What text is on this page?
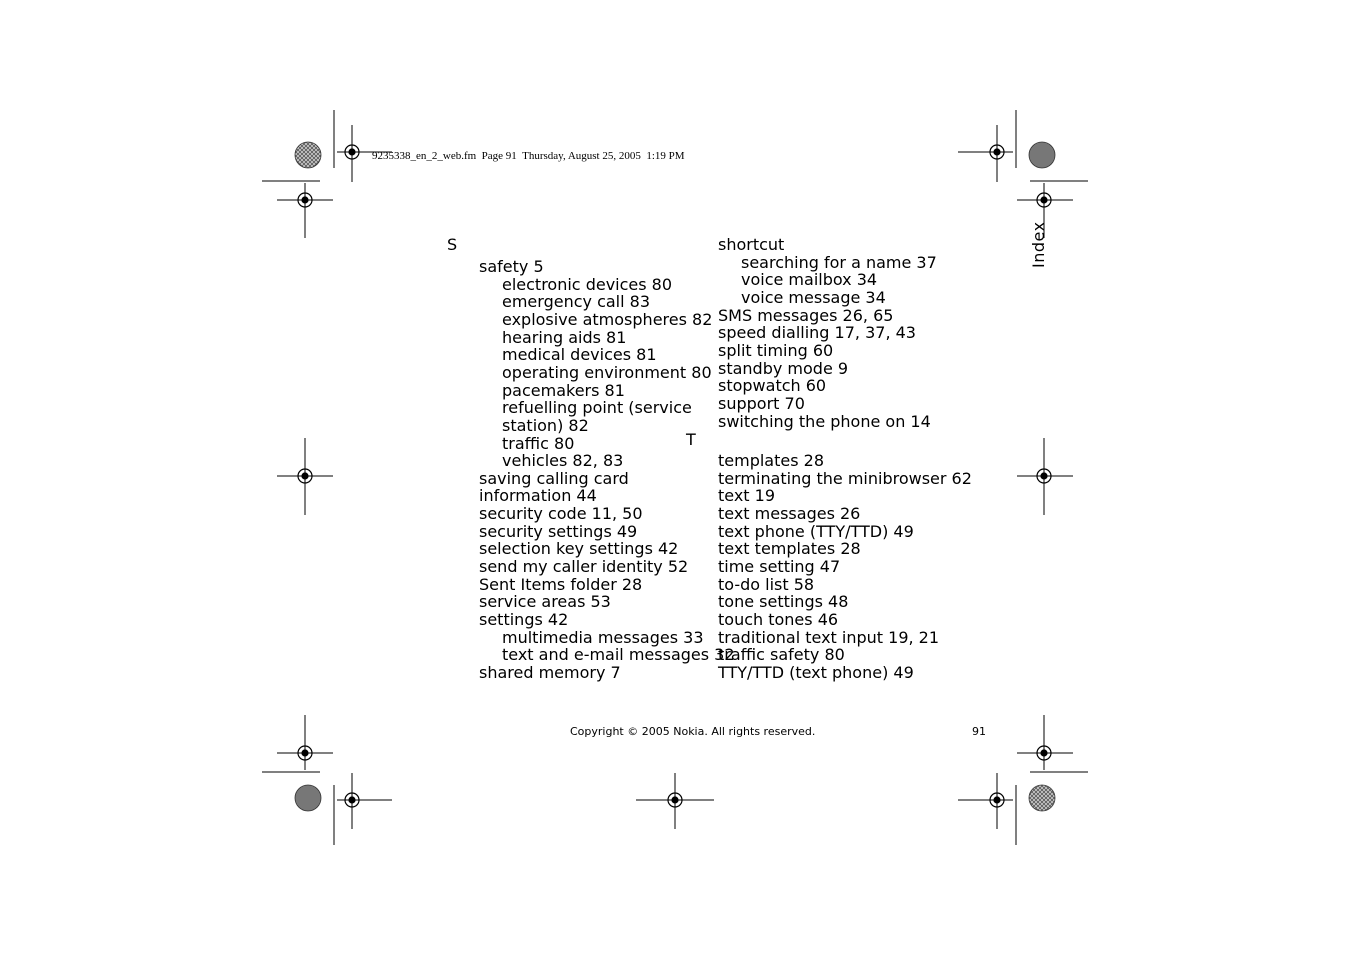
9235338_en_2_web.fm  Page 91  Thursday, August 25, 2005  1:19 PM
Index
Copyright © 2005 Nokia. All rights reserved.	91
S
safety 5
electronic devices 80
emergency call 83
explosive atmospheres 82
hearing aids 81
medical devices 81
operating environment 80
pacemakers 81
refuelling point (service
station) 82
traffic 80
vehicles 82, 83
saving calling card
information 44
security code 11, 50
security settings 49
selection key settings 42
send my caller identity 52
Sent Items folder 28
service areas 53
settings 42
multimedia messages 33
text and e-mail messages 32
shared memory 7
shortcut
searching for a name 37
voice mailbox 34
voice message 34
SMS messages 26, 65
speed dialling 17, 37, 43
split timing 60
standby mode 9
stopwatch 60
support 70
switching the phone on 14
T
templates 28
terminating the minibrowser 62
text 19
text messages 26
text phone (TTY/TTD) 49
text templates 28
time setting 47
to-do list 58
tone settings 48
touch tones 46
traditional text input 19, 21
traffic safety 80
TTY/TTD (text phone) 49
